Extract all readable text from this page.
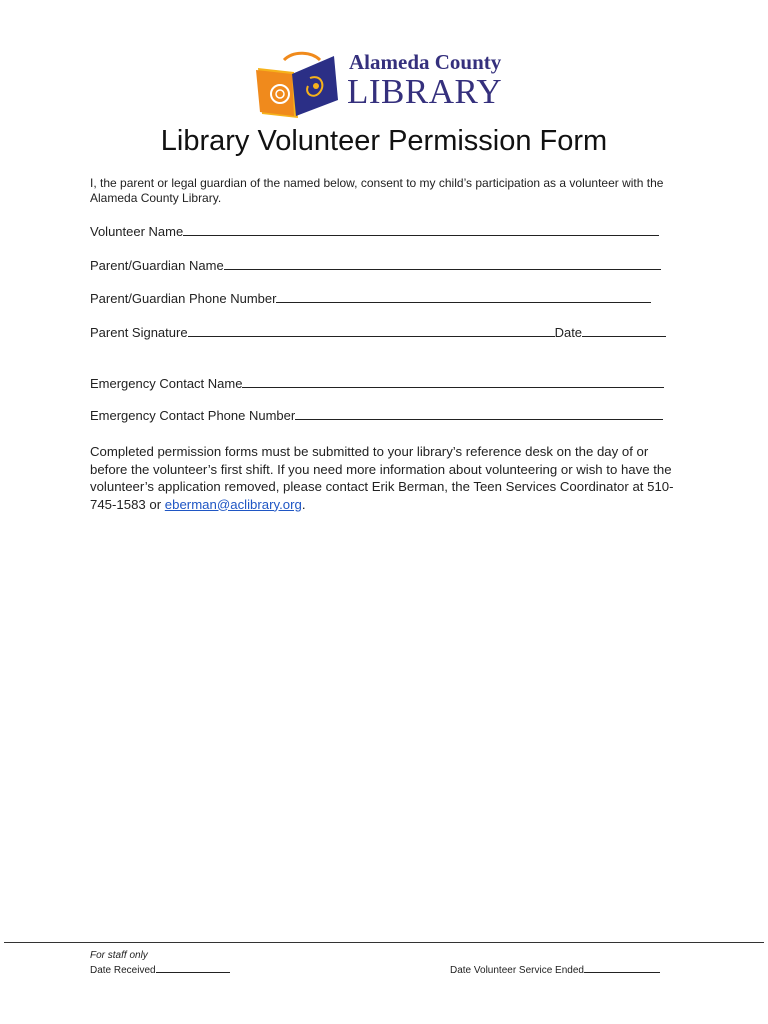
Alameda County
LIBRARY
Library Volunteer Permission Form
I, the parent or legal guardian of the named below, consent to my child’s participation as a volunteer with the Alameda County Library.
Volunteer Name
Parent/Guardian Name
Parent/Guardian Phone Number
Parent Signature	Date
Emergency Contact Name
Emergency Contact Phone Number
Completed permission forms must be submitted to your library’s reference desk on the day of or before the volunteer’s first shift. If you need more information about volunteering or wish to have the volunteer’s application removed, please contact Erik Berman, the Teen Services Coordinator at 510-745-1583 or eberman@aclibrary.org.
For staff only
Date Received	Date Volunteer Service Ended
